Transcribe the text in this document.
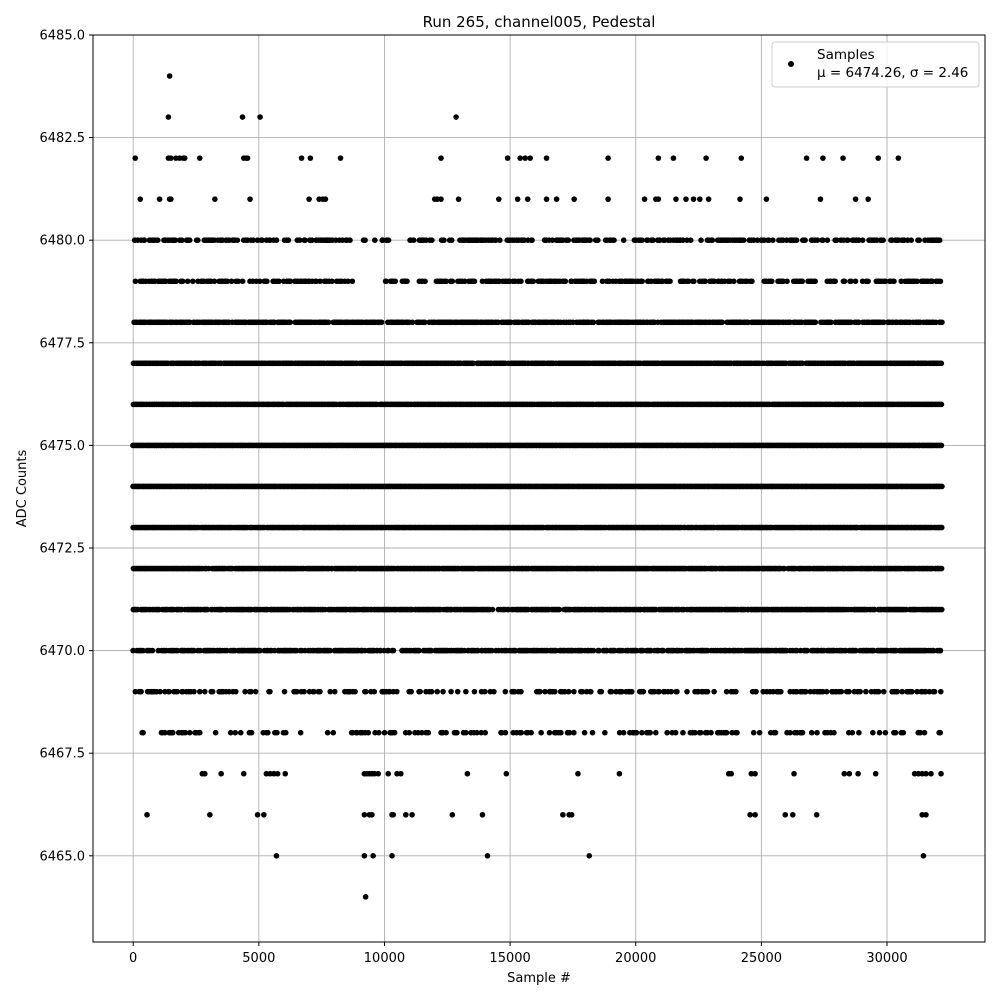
0	5000	10000	15000	20000	25000	30000
6465.0
6467.5
6470.0
6472.5
6475.0
6477.5
6480.0
6482.5
6485.0
Run 265, channel005, Pedestal
Sample #
ADC Counts
Samples
μ = 6474.26, σ = 2.46
